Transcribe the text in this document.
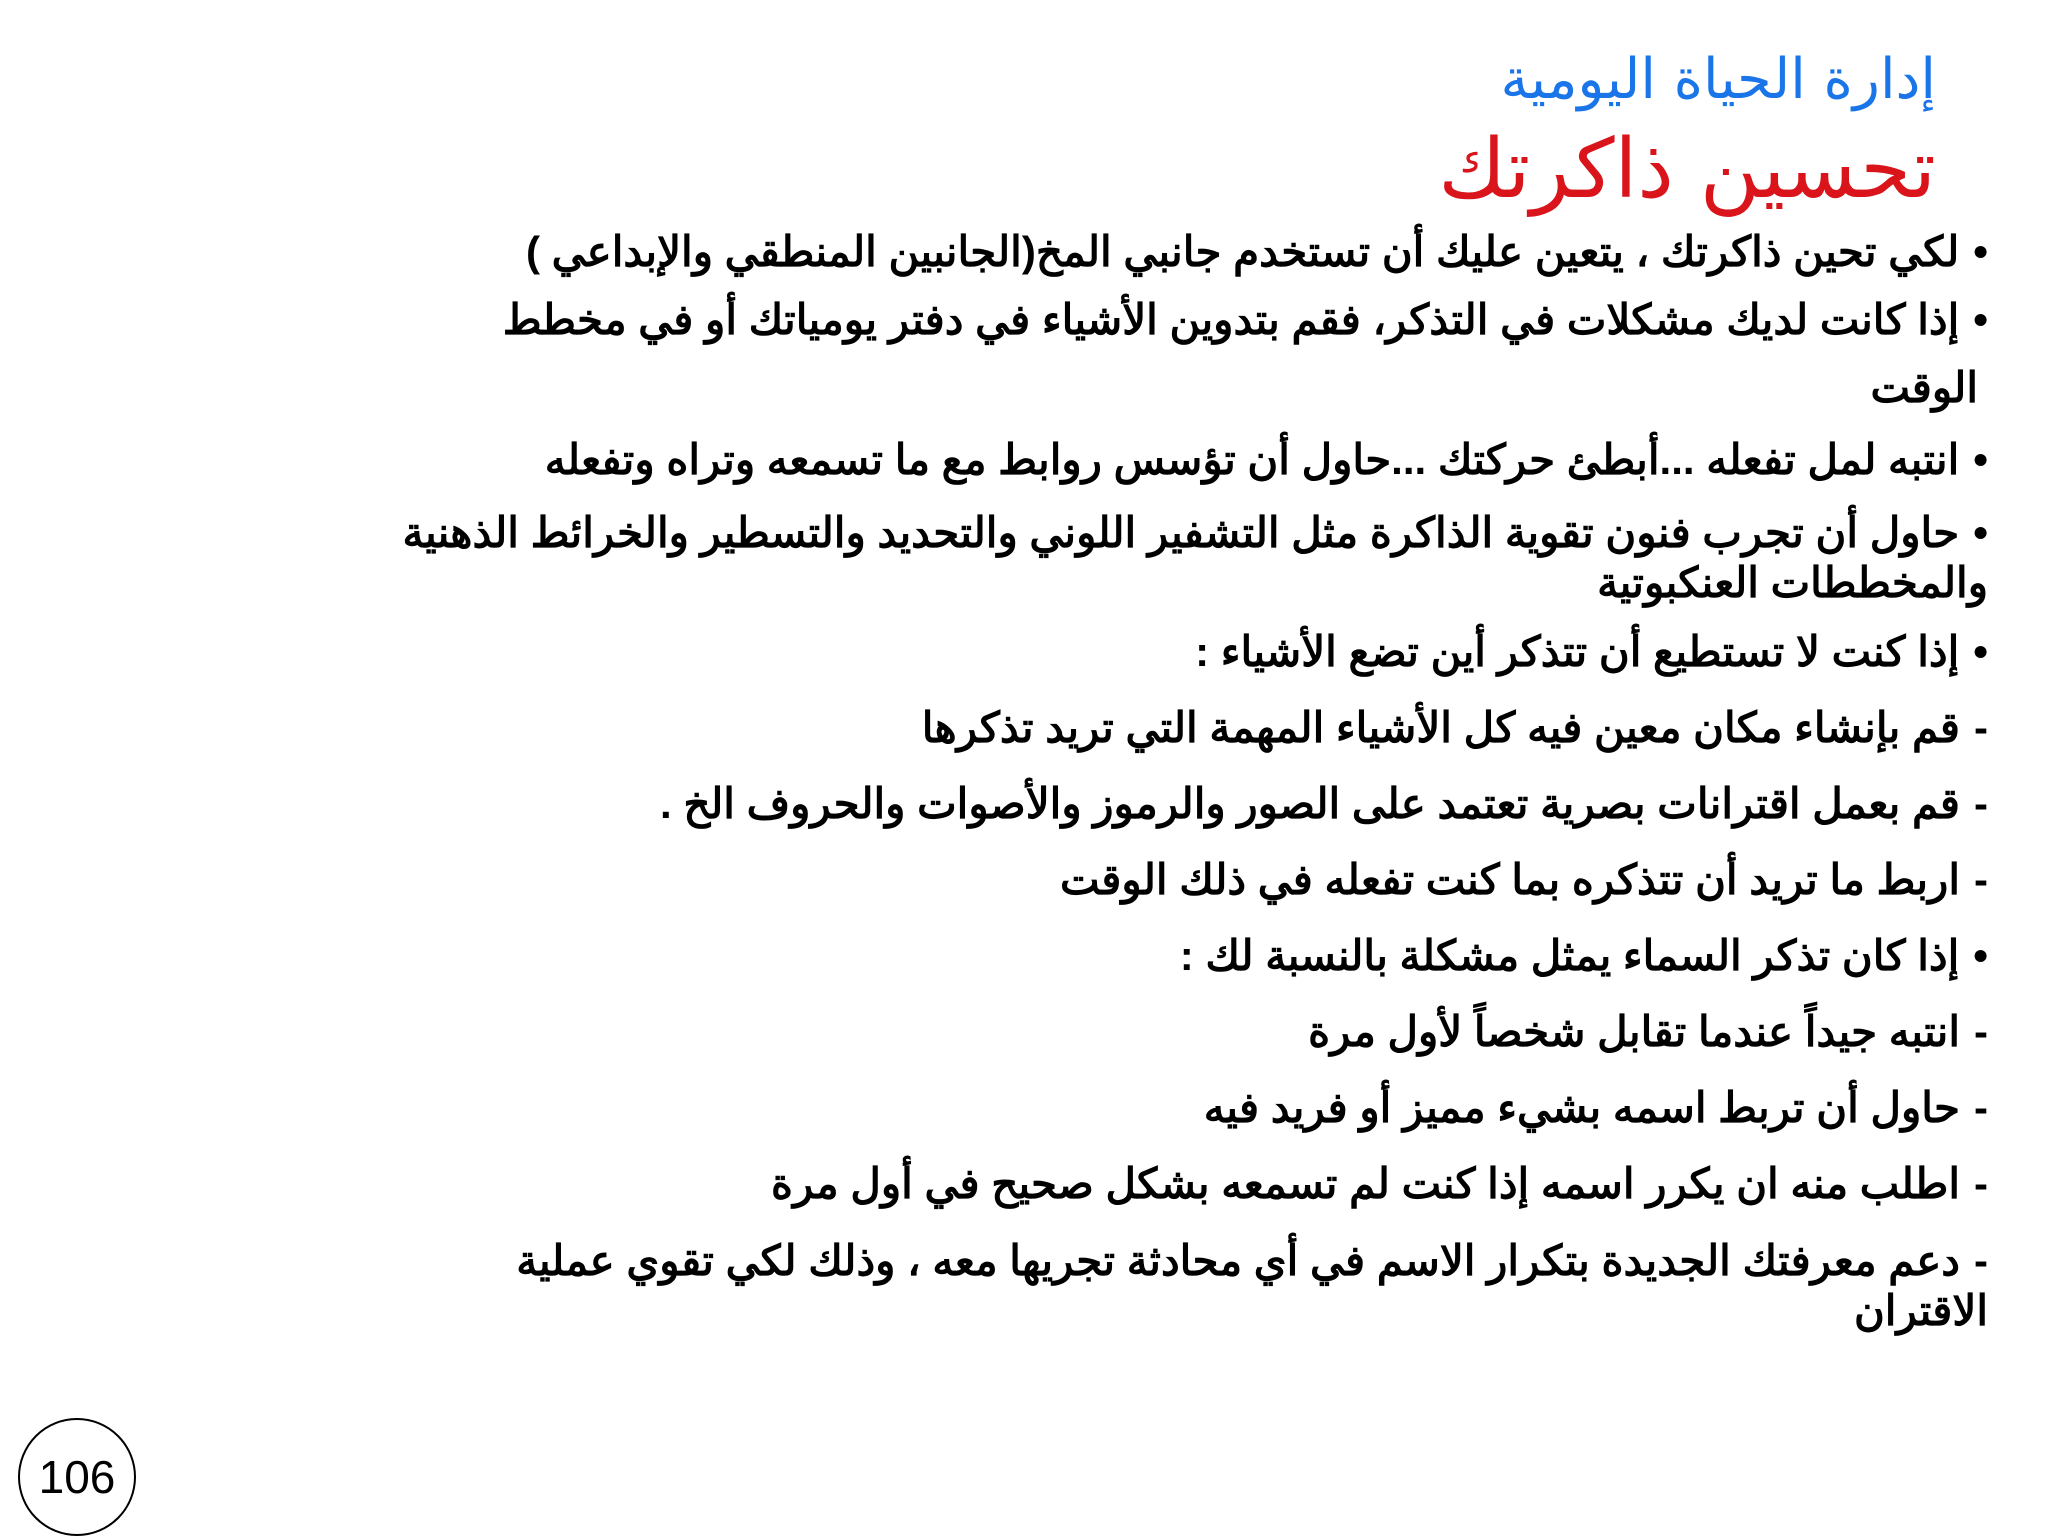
إدارة الحياة اليومية
تحسين ذاكرتك
•لكي تحين ذاكرتك ، يتعين عليك أن تستخدم جانبي المخ(الجانبين المنطقي والإبداعي )
•إذا كانت لديك مشكلات في التذكر، فقم بتدوين الأشياء في دفتر يومياتك أو في مخطط
الوقت
•انتبه لمل تفعله ...أبطئ حركتك ...حاول أن تؤسس روابط مع ما تسمعه وتراه وتفعله
•حاول أن تجرب فنون تقوية الذاكرة مثل التشفير اللوني والتحديد والتسطير والخرائط الذهنية
والمخططات العنكبوتية
•إذا كنت لا تستطيع أن تتذكر أين تضع الأشياء :
-قم بإنشاء مكان معين فيه كل الأشياء المهمة التي تريد تذكرها
-قم بعمل اقترانات بصرية تعتمد على الصور والرموز والأصوات والحروف الخ .
-اربط ما تريد أن تتذكره بما كنت تفعله في ذلك الوقت
•إذا كان تذكر السماء يمثل مشكلة بالنسبة لك :
-انتبه جيداً عندما تقابل شخصاً لأول مرة
-حاول أن تربط اسمه بشيء مميز أو فريد فيه
-اطلب منه ان يكرر اسمه إذا كنت لم تسمعه بشكل صحيح في أول مرة
-دعم معرفتك الجديدة بتكرار الاسم في أي محادثة تجريها معه ، وذلك لكي تقوي عملية
الاقتران
106
